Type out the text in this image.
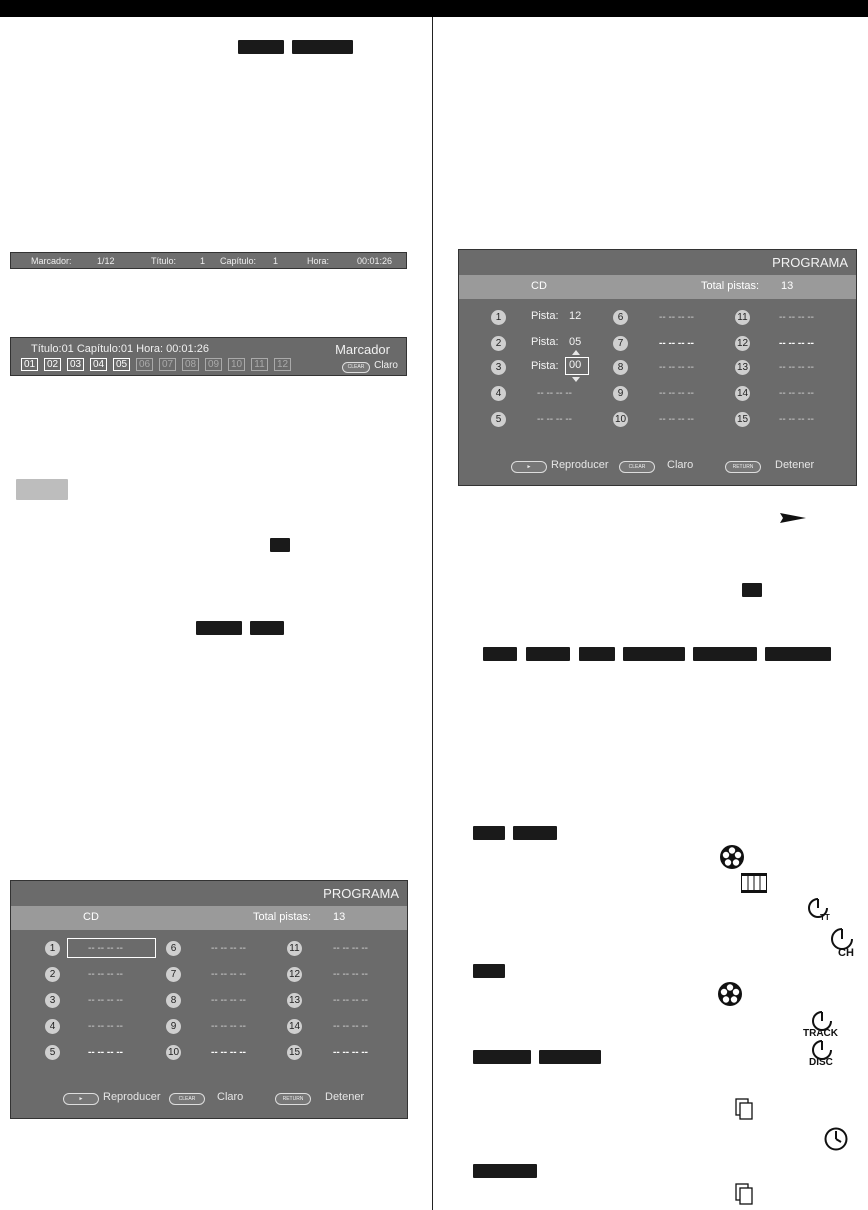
Marcador:	1/12	Título:	1 Capítulo: 1	Hora:	00:01:26
Título:01 Capítulo:01 Hora: 00:01:26	Marcador
01 02 03 04 05 06 07 08 09 10	11	12	CLEAR Claro
PROGRAMA
CD	Total pistas: 13
1	-- -- -- --
2	-- -- -- --
3	-- -- -- --
4	-- -- -- --
5	-- -- -- --
6	-- -- -- --
7	-- -- -- --
8	-- -- -- --
9	-- -- -- --
10	-- -- -- --
11	-- -- -- --
12	-- -- -- --
13	-- -- -- --
14	-- -- -- --
15	-- -- -- --
►	Reproducer	CLEAR	Claro	RETURN	Detener
PROGRAMA
CD	Total pistas: 13
1	Pista: 12
2	Pista: 05
3	Pista: 00
4	-- -- -- --
5	-- -- -- --
6	-- -- -- --
7	-- -- -- --
8	-- -- -- --
9	-- -- -- --
10	-- -- -- --
11	-- -- -- --
12	-- -- -- --
13	-- -- -- --
14	-- -- -- --
15	-- -- -- --
►	Reproducer	CLEAR	Claro	RETURN	Detener
TT
CH
TRACK
DISC
